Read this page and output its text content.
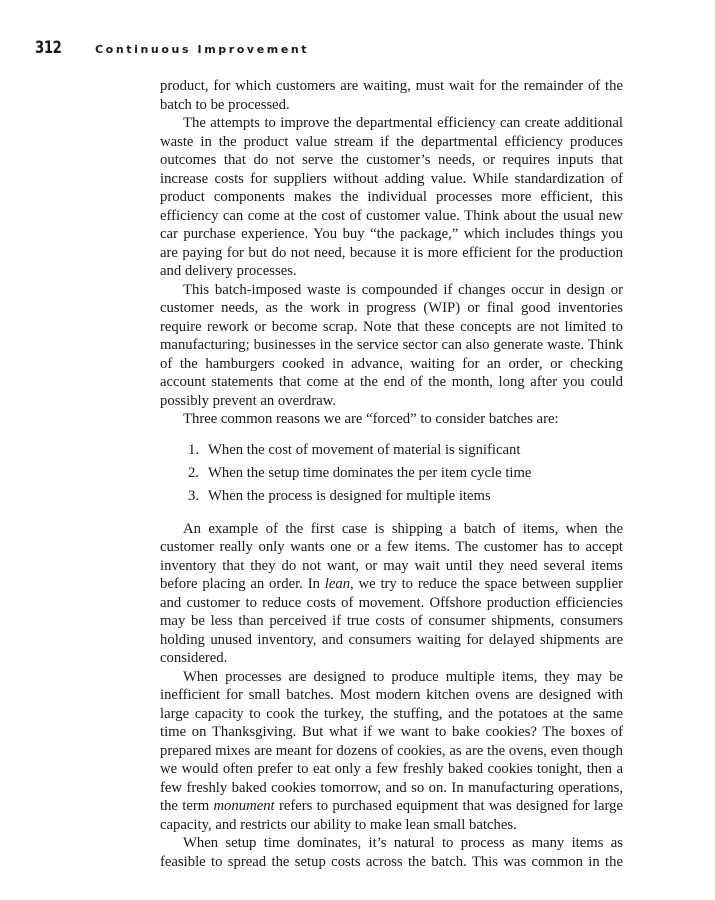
312	Continuous Improvement

product, for which customers are waiting, must wait for the remainder of the batch to be processed.

The attempts to improve the departmental efficiency can create additional waste in the product value stream if the departmental efficiency produces outcomes that do not serve the customer’s needs, or requires inputs that increase costs for suppliers without adding value. While standardization of product components makes the individual processes more efficient, this efficiency can come at the cost of customer value. Think about the usual new car purchase experience. You buy “the package,” which includes things you are paying for but do not need, because it is more efficient for the production and delivery processes.

This batch-imposed waste is compounded if changes occur in design or customer needs, as the work in progress (WIP) or final good inventories require rework or become scrap. Note that these concepts are not limited to manufacturing; businesses in the service sector can also generate waste. Think of the hamburgers cooked in advance, waiting for an order, or checking account statements that come at the end of the month, long after you could possibly prevent an overdraw.

Three common reasons we are “forced” to consider batches are:

1. When the cost of movement of material is significant
2. When the setup time dominates the per item cycle time
3. When the process is designed for multiple items

An example of the first case is shipping a batch of items, when the customer really only wants one or a few items. The customer has to accept inventory that they do not want, or may wait until they need several items before placing an order. In lean, we try to reduce the space between supplier and customer to reduce costs of movement. Offshore production efficiencies may be less than perceived if true costs of consumer shipments, consumers holding unused inventory, and consumers waiting for delayed shipments are considered.

When processes are designed to produce multiple items, they may be inefficient for small batches. Most modern kitchen ovens are designed with large capacity to cook the turkey, the stuffing, and the potatoes at the same time on Thanksgiving. But what if we want to bake cookies? The boxes of prepared mixes are meant for dozens of cookies, as are the ovens, even though we would often prefer to eat only a few freshly baked cookies tonight, then a few freshly baked cookies tomorrow, and so on. In manufacturing operations, the term monument refers to purchased equipment that was designed for large capacity, and restricts our ability to make lean small batches.

When setup time dominates, it’s natural to process as many items as feasible to spread the setup costs across the batch. This was common in the
